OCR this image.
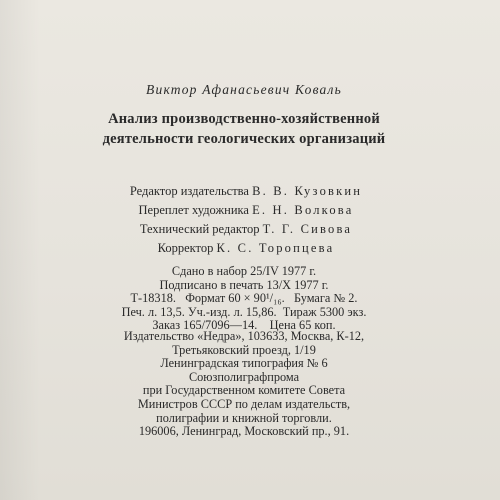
Виктор Афанасьевич Коваль
Анализ производственно-хозяйственной
деятельности геологических организаций
Редактор издательства В. В. Кузовкин
Переплет художника Е. Н. Волкова
Технический редактор Т. Г. Сивова
Корректор К. С. Торопцева
Сдано в набор 25/IV 1977 г.
Подписано в печать 13/X 1977 г.
Т-18318. Формат 60 × 90¹/₁₆. Бумага № 2.
Печ. л. 13,5. Уч.-изд. л. 15,86. Тираж 5300 экз.
Заказ 165/7096—14. Цена 65 коп.
Издательство «Недра», 103633, Москва, К-12,
Третьяковский проезд, 1/19
Ленинградская типография № 6
Союзполиграфпрома
при Государственном комитете Совета
Министров СССР по делам издательств,
полиграфии и книжной торговли.
196006, Ленинград, Московский пр., 91.
